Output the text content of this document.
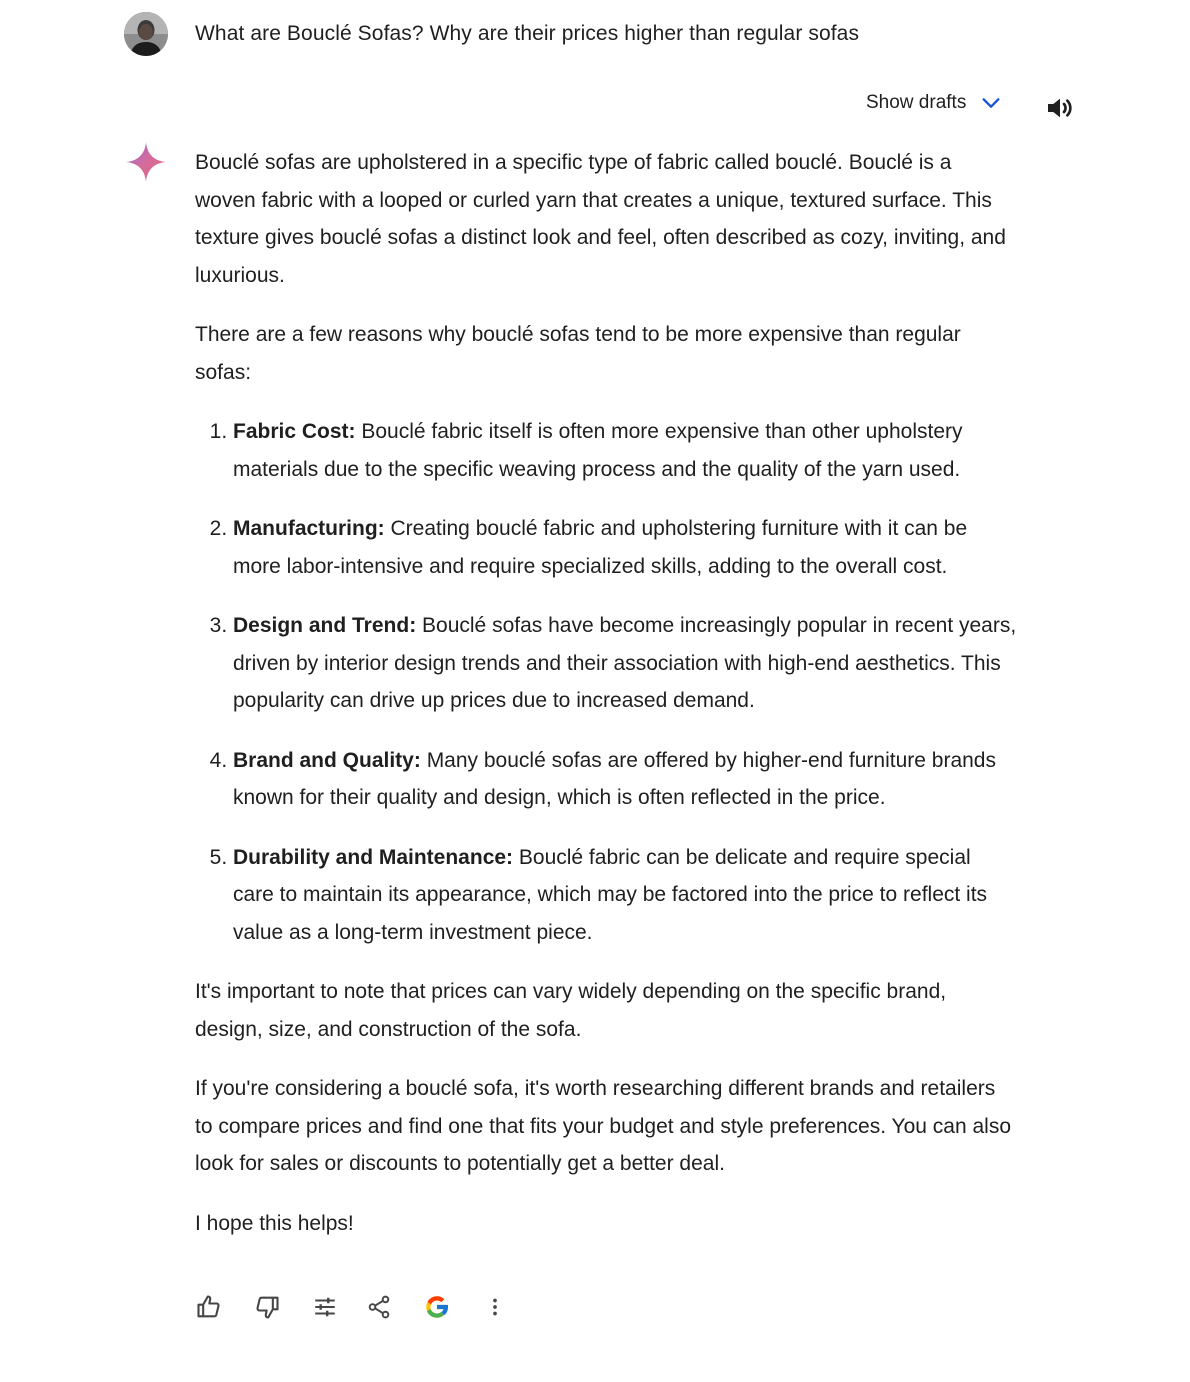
What are Bouclé Sofas? Why are their prices higher than regular sofas
Show drafts

Bouclé sofas are upholstered in a specific type of fabric called bouclé. Bouclé is a woven fabric with a looped or curled yarn that creates a unique, textured surface. This texture gives bouclé sofas a distinct look and feel, often described as cozy, inviting, and luxurious.

There are a few reasons why bouclé sofas tend to be more expensive than regular sofas:

1. Fabric Cost: Bouclé fabric itself is often more expensive than other upholstery materials due to the specific weaving process and the quality of the yarn used.
2. Manufacturing: Creating bouclé fabric and upholstering furniture with it can be more labor-intensive and require specialized skills, adding to the overall cost.
3. Design and Trend: Bouclé sofas have become increasingly popular in recent years, driven by interior design trends and their association with high-end aesthetics. This popularity can drive up prices due to increased demand.
4. Brand and Quality: Many bouclé sofas are offered by higher-end furniture brands known for their quality and design, which is often reflected in the price.
5. Durability and Maintenance: Bouclé fabric can be delicate and require special care to maintain its appearance, which may be factored into the price to reflect its value as a long-term investment piece.

It's important to note that prices can vary widely depending on the specific brand, design, size, and construction of the sofa.

If you're considering a bouclé sofa, it's worth researching different brands and retailers to compare prices and find one that fits your budget and style preferences. You can also look for sales or discounts to potentially get a better deal.

I hope this helps!
